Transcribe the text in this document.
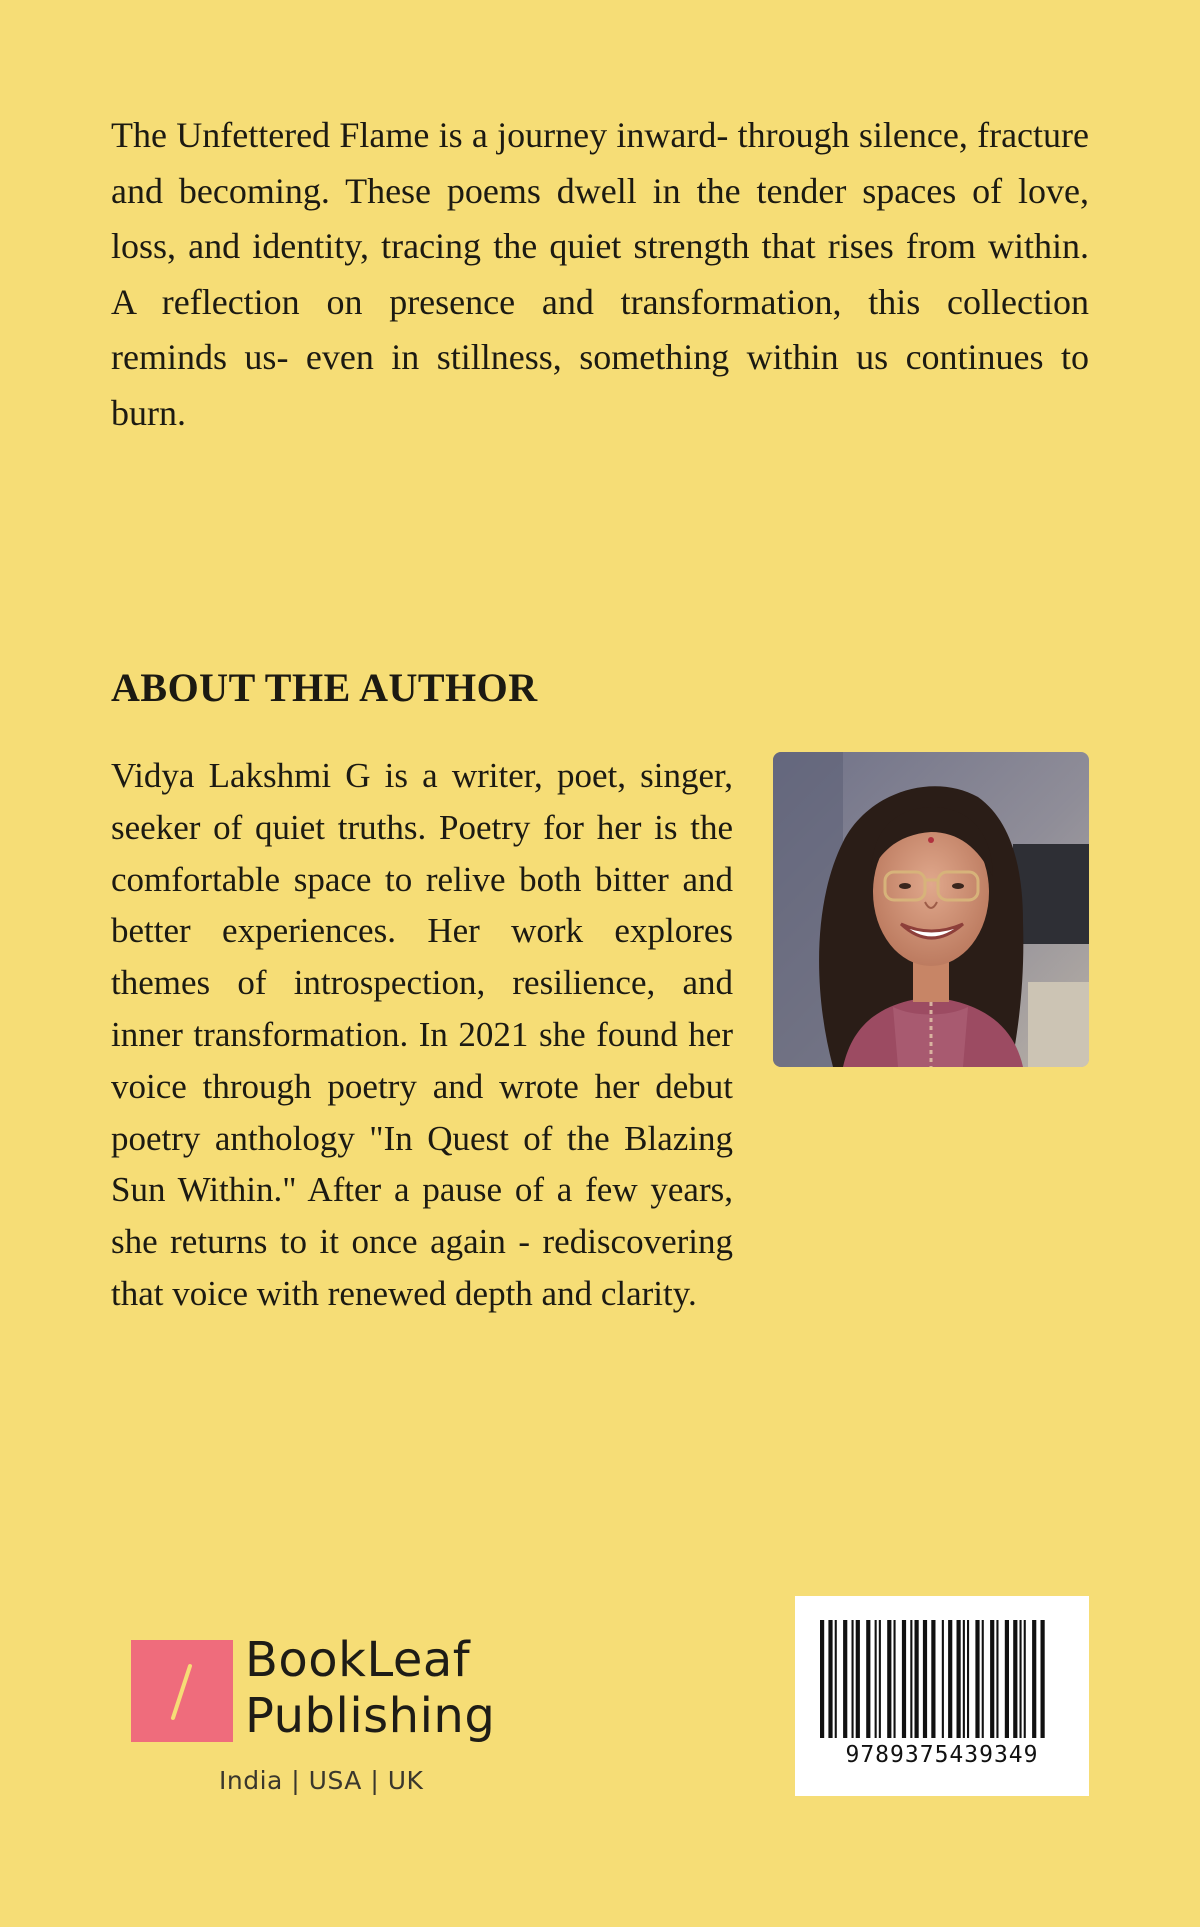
The Unfettered Flame is a journey inward- through silence, fracture and becoming. These poems dwell in the tender spaces of love, loss, and identity, tracing the quiet strength that rises from within. A reflection on presence and transformation, this collection reminds us- even in stillness, something within us continues to burn.

ABOUT THE AUTHOR

Vidya Lakshmi G is a writer, poet, singer, seeker of quiet truths. Poetry for her is the comfortable space to relive both bitter and better experiences. Her work explores themes of introspection, resilience, and inner transformation. In 2021 she found her voice through poetry and wrote her debut poetry anthology "In Quest of the Blazing Sun Within." After a pause of a few years, she returns to it once again - rediscovering that voice with renewed depth and clarity.

BookLeaf
Publishing

India | USA | UK

9789375439349
